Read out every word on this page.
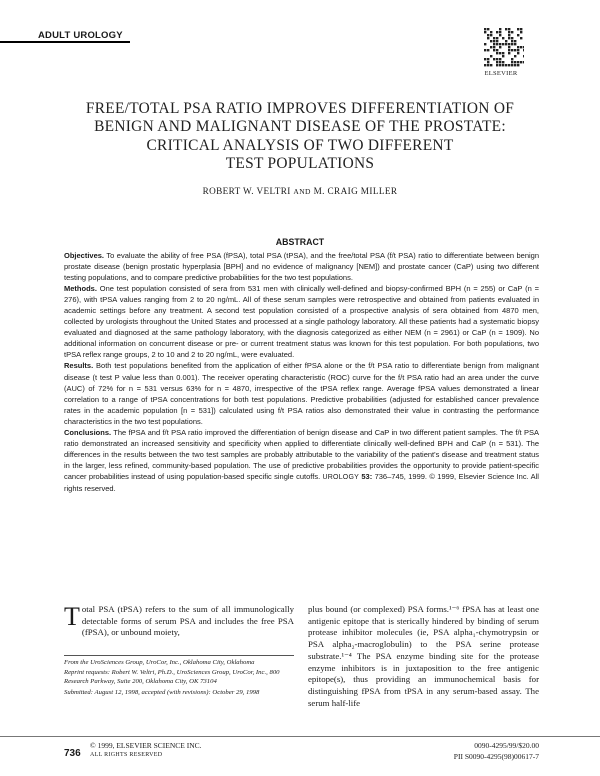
ADULT UROLOGY
ELSEVIER
FREE/TOTAL PSA RATIO IMPROVES DIFFERENTIATION OF
BENIGN AND MALIGNANT DISEASE OF THE PROSTATE:
CRITICAL ANALYSIS OF TWO DIFFERENT
TEST POPULATIONS
ROBERT W. VELTRI AND M. CRAIG MILLER
ABSTRACT

Objectives. To evaluate the ability of free PSA (fPSA), total PSA (tPSA), and the free/total PSA (f/t PSA) ratio to differentiate between benign prostate disease (benign prostatic hyperplasia [BPH] and no evidence of malignancy [NEM]) and prostate cancer (CaP) using two different testing populations, and to compare predictive probabilities for the two test populations.

Methods. One test population consisted of sera from 531 men with clinically well-defined and biopsy-confirmed BPH (n = 255) or CaP (n = 276), with tPSA values ranging from 2 to 20 ng/mL. All of these serum samples were retrospective and obtained from patients evaluated in academic settings before any treatment. A second test population consisted of a prospective analysis of sera obtained from 4870 men, collected by urologists throughout the United States and processed at a single pathology laboratory. All these patients had a systematic biopsy evaluated and diagnosed at the same pathology laboratory, with the diagnosis categorized as either NEM (n = 2961) or CaP (n = 1909). No additional information on concurrent disease or pre- or current treatment status was known for this test population. For both populations, two tPSA reflex range groups, 2 to 10 and 2 to 20 ng/mL, were evaluated.

Results. Both test populations benefited from the application of either fPSA alone or the f/t PSA ratio to differentiate benign from malignant disease (t test P value less than 0.001). The receiver operating characteristic (ROC) curve for the f/t PSA ratio had an area under the curve (AUC) of 72% for n = 531 versus 63% for n = 4870, irrespective of the tPSA reflex range. Average fPSA values demonstrated a linear correlation to a range of tPSA concentrations for both test populations. Predictive probabilities (adjusted for established cancer prevalence rates in the academic population [n = 531]) calculated using f/t PSA ratios also demonstrated their value in contrasting the performance characteristics in the two test populations.

Conclusions. The fPSA and f/t PSA ratio improved the differentiation of benign disease and CaP in two different patient samples. The f/t PSA ratio demonstrated an increased sensitivity and specificity when applied to differentiate clinically well-defined BPH and CaP (n = 531). The differences in the results between the two test samples are probably attributable to the variability of the patient's disease and treatment status in the larger, less refined, community-based population. The use of predictive probabilities provides the opportunity to provide patient-specific cancer probabilities instead of using population-based specific single cutoffs. UROLOGY 53: 736–745, 1999. © 1999, Elsevier Science Inc. All rights reserved.

Total PSA (tPSA) refers to the sum of all immunologically detectable forms of serum PSA and includes the free PSA (fPSA), or unbound moiety,

From the UroSciences Group, UroCor, Inc., Oklahoma City, Oklahoma

Reprint requests: Robert W. Veltri, Ph.D., UroSciences Group, UroCor, Inc., 800 Research Parkway, Suite 200, Oklahoma City, OK 73104

Submitted: August 12, 1998, accepted (with revisions): October 29, 1998

plus bound (or complexed) PSA forms.¹⁻⁶ fPSA has at least one antigenic epitope that is sterically hindered by binding of serum protease inhibitor molecules (ie, PSA alpha₁-chymotrypsin or PSA alpha₂-macroglobulin) to the PSA serine protease substrate.¹⁻⁴ The PSA enzyme binding site for the protease enzyme inhibitors is in juxtaposition to the free antigenic epitope(s), thus providing an immunochemical basis for distinguishing fPSA from tPSA in any serum-based assay. The serum half-life
736
© 1999, ELSEVIER SCIENCE INC.
ALL RIGHTS RESERVED
0090-4295/99/$20.00
PII S0090-4295(98)00617-7
